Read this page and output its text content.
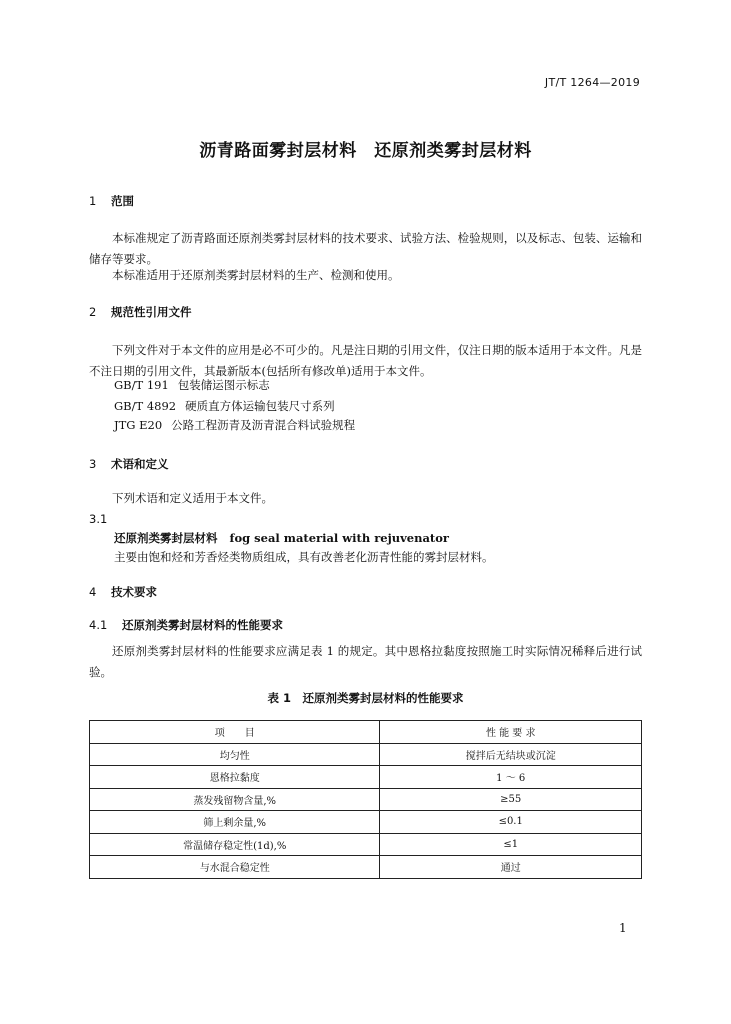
JT/T 1264—2019
沥青路面雾封层材料　还原剂类雾封层材料
1 范围
本标准规定了沥青路面还原剂类雾封层材料的技术要求、试验方法、检验规则，以及标志、包装、运输和储存等要求。
本标准适用于还原剂类雾封层材料的生产、检测和使用。
2 规范性引用文件
下列文件对于本文件的应用是必不可少的。凡是注日期的引用文件，仅注日期的版本适用于本文件。凡是不注日期的引用文件，其最新版本(包括所有修改单)适用于本文件。
GB/T 191 包装储运图示标志
GB/T 4892 硬质直方体运输包装尺寸系列
JTG E20 公路工程沥青及沥青混合料试验规程
3 术语和定义
下列术语和定义适用于本文件。
3.1
还原剂类雾封层材料 fog seal material with rejuvenator
主要由饱和烃和芳香烃类物质组成，具有改善老化沥青性能的雾封层材料。
4 技术要求
4.1 还原剂类雾封层材料的性能要求
还原剂类雾封层材料的性能要求应满足表 1 的规定。其中恩格拉黏度按照施工时实际情况稀释后进行试验。
表 1　还原剂类雾封层材料的性能要求
项　　目	性 能 要 求
均匀性	搅拌后无结块或沉淀
恩格拉黏度	1 ～ 6
蒸发残留物含量,%	≥55
筛上剩余量,%	≤0.1
常温储存稳定性(1d),%	≤1
与水混合稳定性	通过
1
